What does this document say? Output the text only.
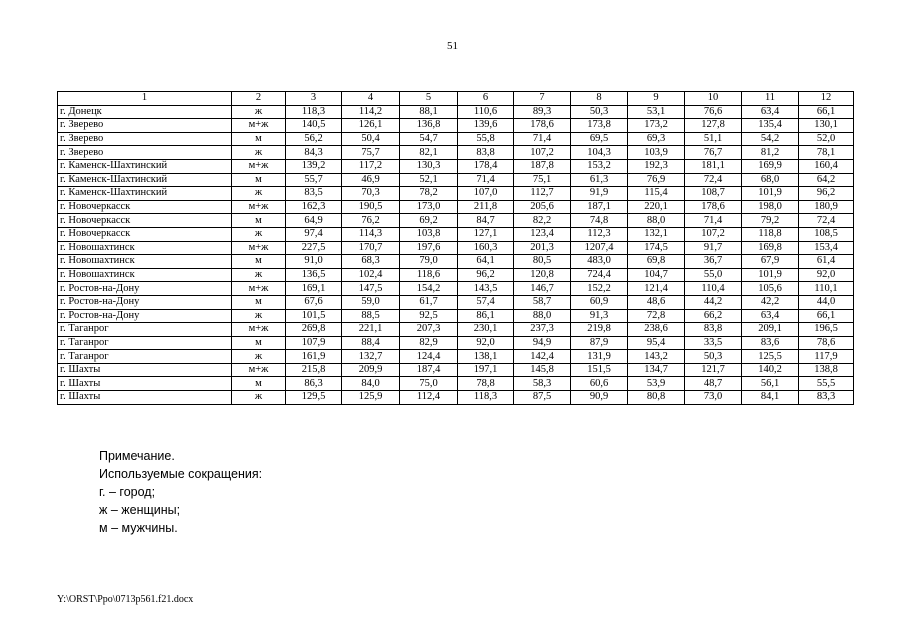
51
1	2	3	4	5	6	7	8	9	10	11	12
г. Донецк	ж	118,3	114,2	88,1	110,6	89,3	50,3	53,1	76,6	63,4	66,1
г. Зверево	м+ж	140,5	126,1	136,8	139,6	178,6	173,8	173,2	127,8	135,4	130,1
г. Зверево	м	56,2	50,4	54,7	55,8	71,4	69,5	69,3	51,1	54,2	52,0
г. Зверево	ж	84,3	75,7	82,1	83,8	107,2	104,3	103,9	76,7	81,2	78,1
г. Каменск-Шахтинский	м+ж	139,2	117,2	130,3	178,4	187,8	153,2	192,3	181,1	169,9	160,4
г. Каменск-Шахтинский	м	55,7	46,9	52,1	71,4	75,1	61,3	76,9	72,4	68,0	64,2
г. Каменск-Шахтинский	ж	83,5	70,3	78,2	107,0	112,7	91,9	115,4	108,7	101,9	96,2
г. Новочеркасск	м+ж	162,3	190,5	173,0	211,8	205,6	187,1	220,1	178,6	198,0	180,9
г. Новочеркасск	м	64,9	76,2	69,2	84,7	82,2	74,8	88,0	71,4	79,2	72,4
г. Новочеркасск	ж	97,4	114,3	103,8	127,1	123,4	112,3	132,1	107,2	118,8	108,5
г. Новошахтинск	м+ж	227,5	170,7	197,6	160,3	201,3	1207,4	174,5	91,7	169,8	153,4
г. Новошахтинск	м	91,0	68,3	79,0	64,1	80,5	483,0	69,8	36,7	67,9	61,4
г. Новошахтинск	ж	136,5	102,4	118,6	96,2	120,8	724,4	104,7	55,0	101,9	92,0
г. Ростов-на-Дону	м+ж	169,1	147,5	154,2	143,5	146,7	152,2	121,4	110,4	105,6	110,1
г. Ростов-на-Дону	м	67,6	59,0	61,7	57,4	58,7	60,9	48,6	44,2	42,2	44,0
г. Ростов-на-Дону	ж	101,5	88,5	92,5	86,1	88,0	91,3	72,8	66,2	63,4	66,1
г. Таганрог	м+ж	269,8	221,1	207,3	230,1	237,3	219,8	238,6	83,8	209,1	196,5
г. Таганрог	м	107,9	88,4	82,9	92,0	94,9	87,9	95,4	33,5	83,6	78,6
г. Таганрог	ж	161,9	132,7	124,4	138,1	142,4	131,9	143,2	50,3	125,5	117,9
г. Шахты	м+ж	215,8	209,9	187,4	197,1	145,8	151,5	134,7	121,7	140,2	138,8
г. Шахты	м	86,3	84,0	75,0	78,8	58,3	60,6	53,9	48,7	56,1	55,5
г. Шахты	ж	129,5	125,9	112,4	118,3	87,5	90,9	80,8	73,0	84,1	83,3
Примечание.
Используемые сокращения:
г. – город;
ж – женщины;
м – мужчины.
Y:\ORST\Ppo\0713p561.f21.docx
